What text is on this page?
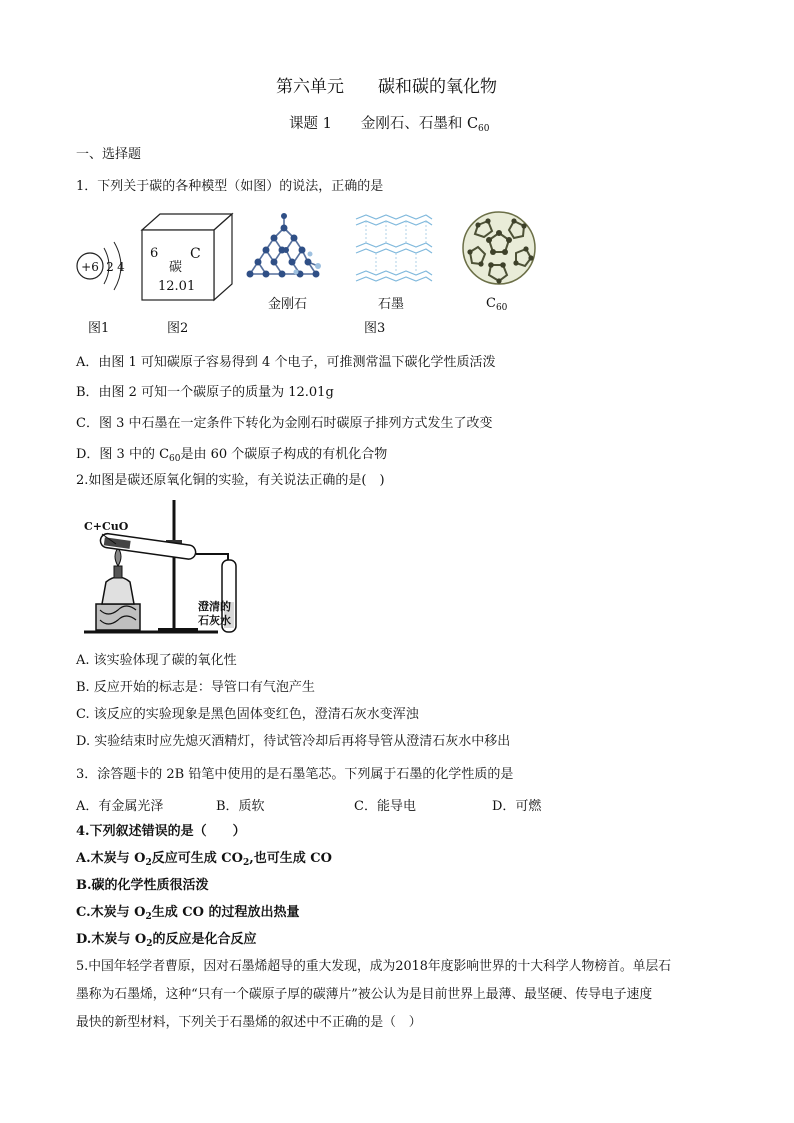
第六单元　　碳和碳的氧化物
课题 1　　金刚石、石墨和 $C_{60}$
一、选择题
1．下列关于碳的各种模型（如图）的说法，正确的是
+6 2 4
6 C
碳
12.01
金刚石	石墨	$C_{60}$
图1	图2	图3
A．由图 1 可知碳原子容易得到 4 个电子，可推测常温下碳化学性质活泼
B．由图 2 可知一个碳原子的质量为 12.01g
C．图 3 中石墨在一定条件下转化为金刚石时碳原子排列方式发生了改变
D．图 3 中的 $C_{60}$是由 60 个碳原子构成的有机化合物
2.如图是碳还原氧化铜的实验，有关说法正确的是(　)
C+CuO
澄清的
石灰水
A. 该实验体现了碳的氧化性
B. 反应开始的标志是：导管口有气泡产生
C. 该反应的实验现象是黑色固体变红色，澄清石灰水变浑浊
D. 实验结束时应先熄灭酒精灯，待试管冷却后再将导管从澄清石灰水中移出
3．涂答题卡的 2B 铅笔中使用的是石墨笔芯。下列属于石墨的化学性质的是
A．有金属光泽	B．质软	C．能导电	D．可燃
4.下列叙述错误的是（　　）
A.木炭与 $O_2$反应可生成 $CO_2$,也可生成 CO
B.碳的化学性质很活泼
C.木炭与 $O_2$生成 CO 的过程放出热量
D.木炭与 $O_2$的反应是化合反应
5.中国年轻学者曹原，因对石墨烯超导的重大发现，成为2018年度影响世界的十大科学人物榜首。单层石
墨称为石墨烯，这种“只有一个碳原子厚的碳薄片”被公认为是目前世界上最薄、最坚硬、传导电子速度
最快的新型材料，下列关于石墨烯的叙述中不正确的是（　）
